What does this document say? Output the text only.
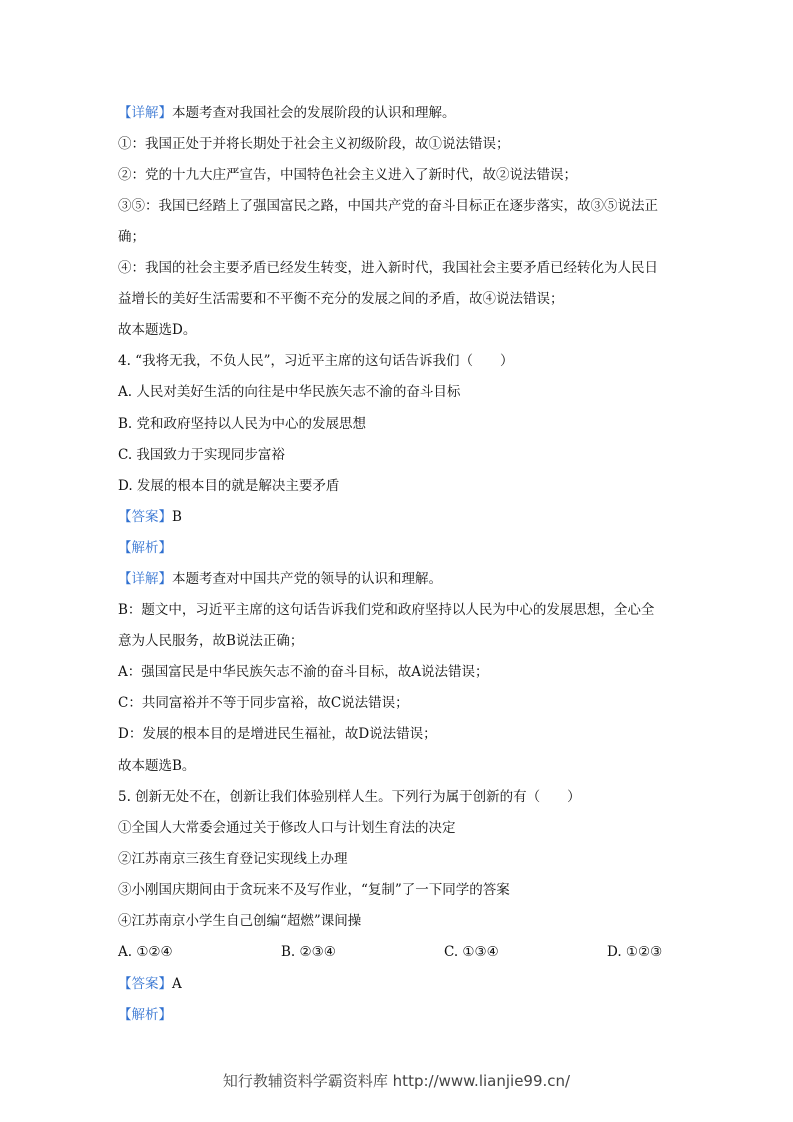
【详解】本题考查对我国社会的发展阶段的认识和理解。
①：我国正处于并将长期处于社会主义初级阶段，故①说法错误；
②：党的十九大庄严宣告，中国特色社会主义进入了新时代，故②说法错误；
③⑤：我国已经踏上了强国富民之路，中国共产党的奋斗目标正在逐步落实，故③⑤说法正
确；
④：我国的社会主要矛盾已经发生转变，进入新时代，我国社会主要矛盾已经转化为人民日
益增长的美好生活需要和不平衡不充分的发展之间的矛盾，故④说法错误；
故本题选D。
4. “我将无我，不负人民”，习近平主席的这句话告诉我们（　　）
A. 人民对美好生活的向往是中华民族矢志不渝的奋斗目标
B. 党和政府坚持以人民为中心的发展思想
C. 我国致力于实现同步富裕
D. 发展的根本目的就是解决主要矛盾
【答案】B
【解析】
【详解】本题考查对中国共产党的领导的认识和理解。
B：题文中，习近平主席的这句话告诉我们党和政府坚持以人民为中心的发展思想，全心全
意为人民服务，故B说法正确；
A：强国富民是中华民族矢志不渝的奋斗目标，故A说法错误；
C：共同富裕并不等于同步富裕，故C说法错误；
D：发展的根本目的是增进民生福祉，故D说法错误；
故本题选B。
5. 创新无处不在，创新让我们体验别样人生。下列行为属于创新的有（　　）
①全国人大常委会通过关于修改人口与计划生育法的决定
②江苏南京三孩生育登记实现线上办理
③小刚国庆期间由于贪玩来不及写作业，“复制”了一下同学的答案
④江苏南京小学生自己创编“超燃”课间操
A. ①②④	B. ②③④	C. ①③④	D. ①②③
【答案】A
【解析】
知行教辅资料学霸资料库 http://www.lianjie99.cn/
